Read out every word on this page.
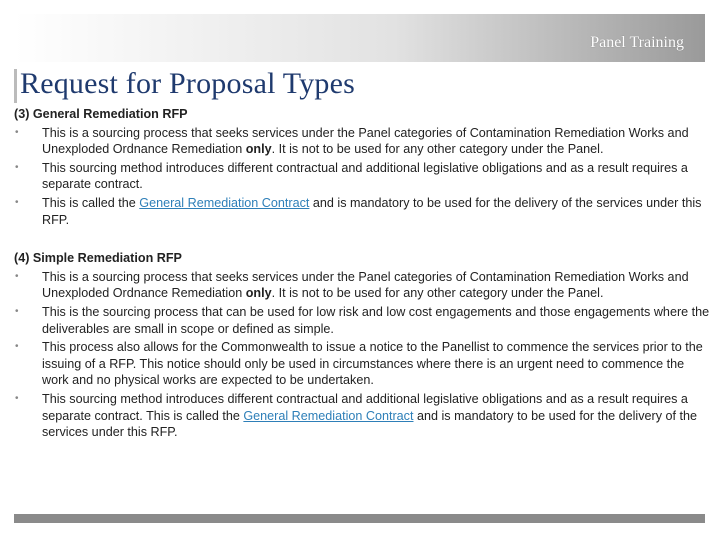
Panel Training
Request for Proposal Types
(3) General Remediation RFP
• This is a sourcing process that seeks services under the Panel categories of Contamination Remediation Works and Unexploded Ordnance Remediation only. It is not to be used for any other category under the Panel.
• This sourcing method introduces different contractual and additional legislative obligations and as a result requires a separate contract.
• This is called the General Remediation Contract and is mandatory to be used for the delivery of the services under this RFP.
(4) Simple Remediation RFP
• This is a sourcing process that seeks services under the Panel categories of Contamination Remediation Works and Unexploded Ordnance Remediation only. It is not to be used for any other category under the Panel.
• This is the sourcing process that can be used for low risk and low cost engagements and those engagements where the deliverables are small in scope or defined as simple.
• This process also allows for the Commonwealth to issue a notice to the Panellist to commence the services prior to the issuing of a RFP. This notice should only be used in circumstances where there is an urgent need to commence the work and no physical works are expected to be undertaken.
• This sourcing method introduces different contractual and additional legislative obligations and as a result requires a separate contract. This is called the General Remediation Contract and is mandatory to be used for the delivery of the services under this RFP.
